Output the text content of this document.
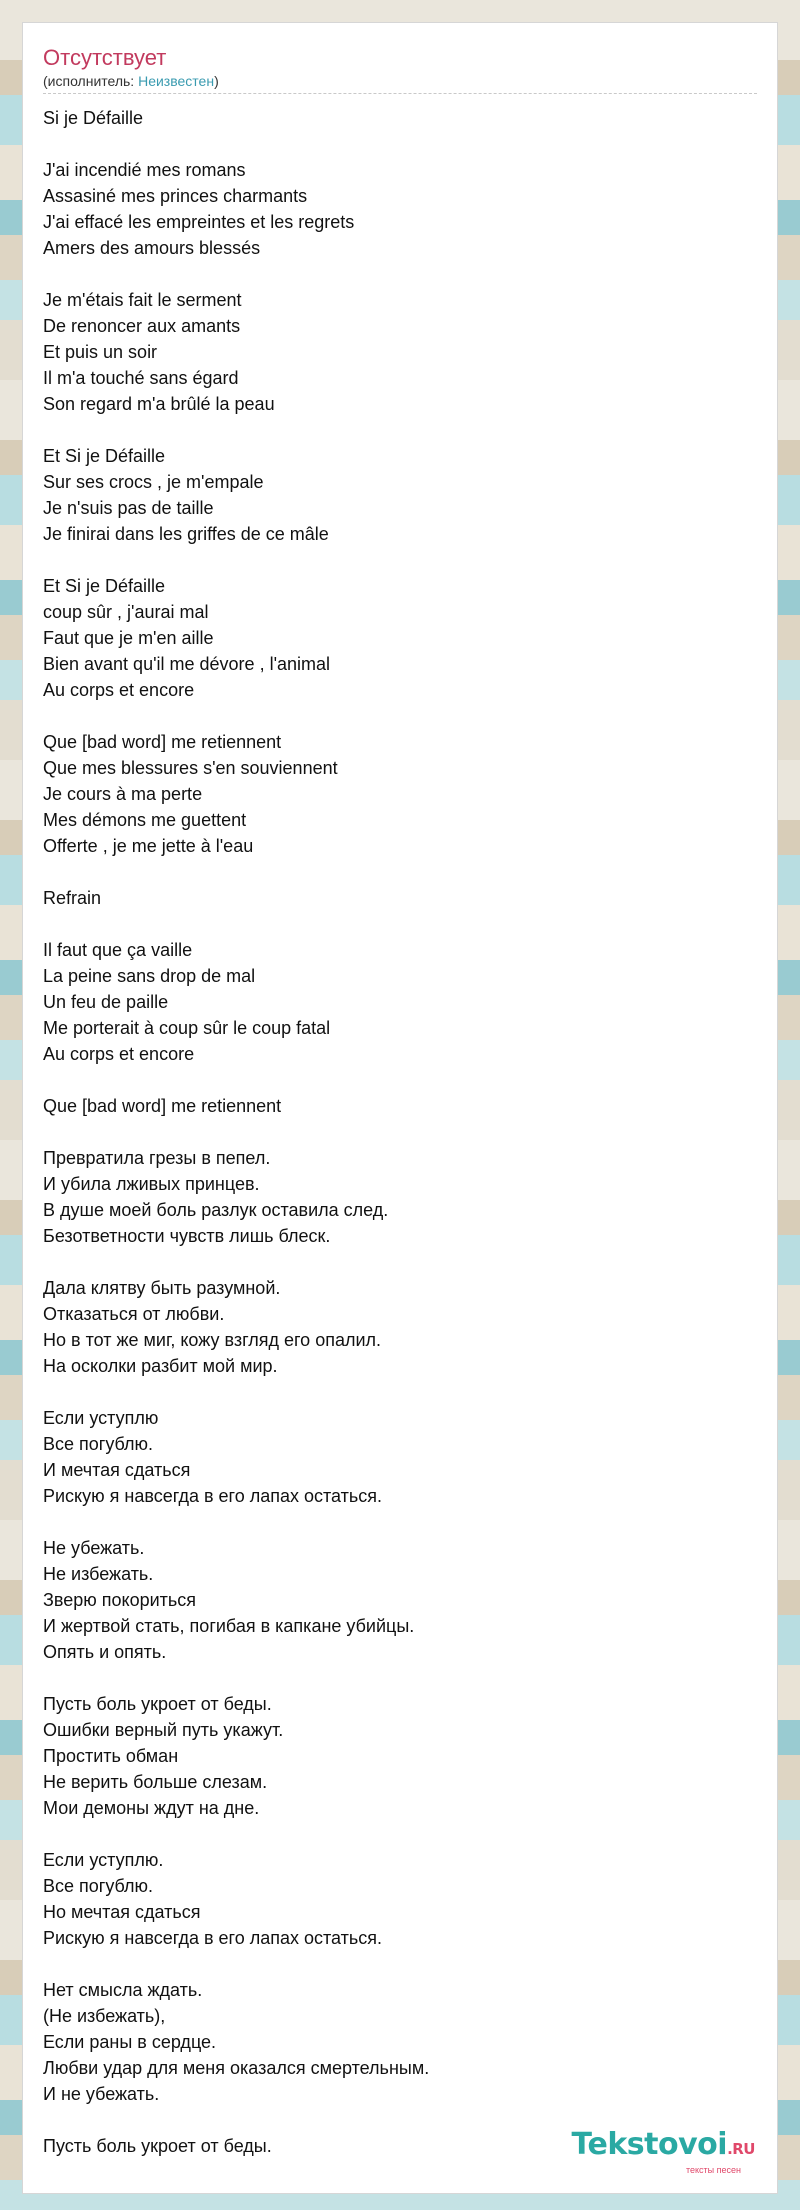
Отсутствует
(исполнитель: Неизвестен)
Si je Défaille
J'ai incendié mes romans
Assasiné mes princes charmants
J'ai effacé les empreintes et les regrets
Amers des amours blessés
Je m'étais fait le serment
De renoncer aux amants
Et puis un soir
Il m'a touché sans égard
Son regard m'a brûlé la peau
Et Si je Défaille
Sur ses crocs , je m'empale
Je n'suis pas de taille
Je finirai dans les griffes de ce mâle
Et Si je Défaille
coup sûr , j'aurai mal
Faut que je m'en aille
Bien avant qu'il me dévore , l'animal
Au corps et encore
Que [bad word] me retiennent
Que mes blessures s'en souviennent
Je cours à ma perte
Mes démons me guettent
Offerte , je me jette à l'eau
Refrain
Il faut que ça vaille
La peine sans drop de mal
Un feu de paille
Me porterait à coup sûr le coup fatal
Au corps et encore
Que [bad word] me retiennent
Превратила грезы в пепел.
И убила лживых принцев.
В душе моей боль разлук оставила след.
Безответности чувств лишь блеск.
Дала клятву быть разумной.
Отказаться от любви.
Но в тот же миг, кожу взгляд его опалил.
На осколки разбит мой мир.
Если уступлю
Все погублю.
И мечтая сдаться
Рискую я навсегда в его лапах остаться.
Не убежать.
Не избежать.
Зверю покориться
И жертвой стать, погибая в капкане убийцы.
Опять и опять.
Пусть боль укроет от беды.
Ошибки верный путь укажут.
Простить обман
Не верить больше слезам.
Мои демоны ждут на дне.
Если уступлю.
Все погублю.
Но мечтая сдаться
Рискую я навсегда в его лапах остаться.
Нет смысла ждать.
(Не избежать),
Если раны в сердце.
Любви удар для меня оказался смертельным.
И не убежать.
Пусть боль укроет от беды.	Tekstovoi.RU
тексты песен
